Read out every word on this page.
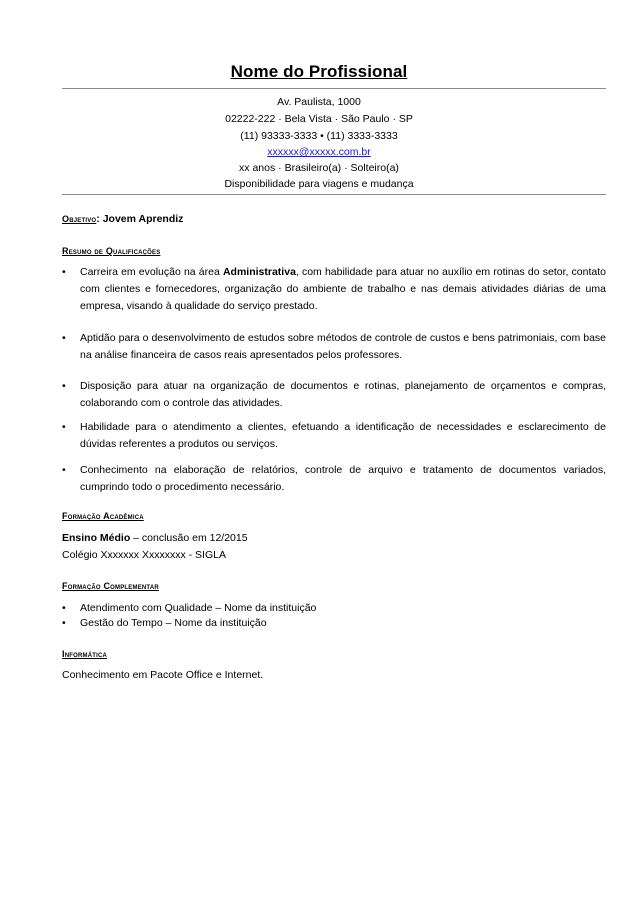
Nome do Profissional
Av. Paulista, 1000
02222-222 · Bela Vista · São Paulo · SP
(11) 93333-3333 • (11) 3333-3333
xxxxxx@xxxxx.com.br
xx anos · Brasileiro(a) · Solteiro(a)
Disponibilidade para viagens e mudança
Objetivo: Jovem Aprendiz
Resumo de Qualificações
• Carreira em evolução na área Administrativa, com habilidade para atuar no auxílio em rotinas do setor, contato com clientes e fornecedores, organização do ambiente de trabalho e nas demais atividades diárias de uma empresa, visando à qualidade do serviço prestado.
• Aptidão para o desenvolvimento de estudos sobre métodos de controle de custos e bens patrimoniais, com base na análise financeira de casos reais apresentados pelos professores.
• Disposição para atuar na organização de documentos e rotinas, planejamento de orçamentos e compras, colaborando com o controle das atividades.
• Habilidade para o atendimento a clientes, efetuando a identificação de necessidades e esclarecimento de dúvidas referentes a produtos ou serviços.
• Conhecimento na elaboração de relatórios, controle de arquivo e tratamento de documentos variados, cumprindo todo o procedimento necessário.
Formação Acadêmica
Ensino Médio – conclusão em 12/2015
Colégio Xxxxxxx Xxxxxxxx - SIGLA
Formação Complementar
• Atendimento com Qualidade – Nome da instituição
• Gestão do Tempo – Nome da instituição
Informática
Conhecimento em Pacote Office e Internet.
